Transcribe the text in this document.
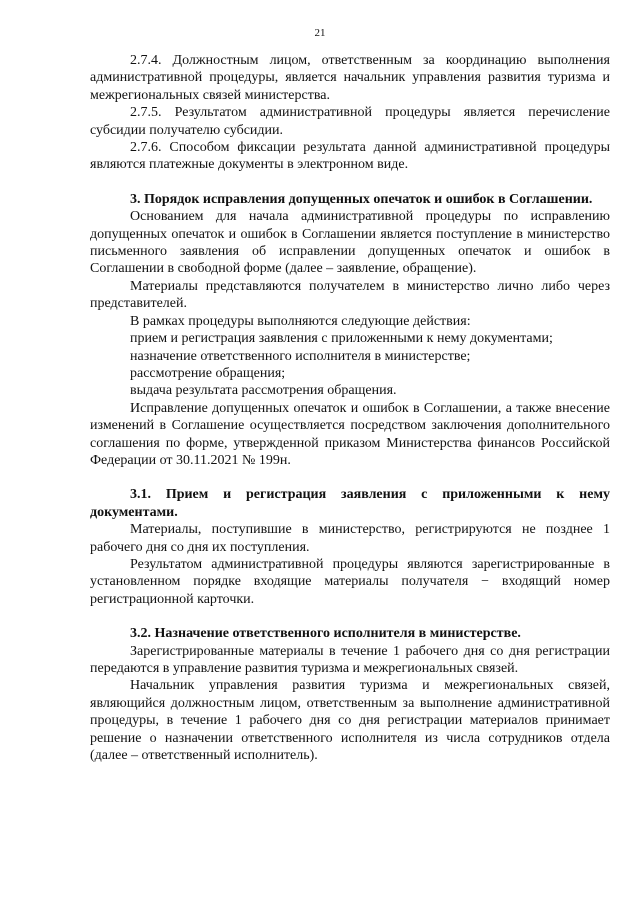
21

2.7.4. Должностным лицом, ответственным за координацию выполнения административной процедуры, является начальник управления развития туризма и межрегиональных связей министерства.

2.7.5. Результатом административной процедуры является перечисление субсидии получателю субсидии.

2.7.6. Способом фиксации результата данной административной процедуры являются платежные документы в электронном виде.

3. Порядок исправления допущенных опечаток и ошибок в Соглашении.

Основанием для начала административной процедуры по исправлению допущенных опечаток и ошибок в Соглашении является поступление в министерство письменного заявления об исправлении допущенных опечаток и ошибок в Соглашении в свободной форме (далее – заявление, обращение).

Материалы представляются получателем в министерство лично либо через представителей.

В рамках процедуры выполняются следующие действия:

прием и регистрация заявления с приложенными к нему документами;

назначение ответственного исполнителя в министерстве;

рассмотрение обращения;

выдача результата рассмотрения обращения.

Исправление допущенных опечаток и ошибок в Соглашении, а также внесение изменений в Соглашение осуществляется посредством заключения дополнительного соглашения по форме, утвержденной приказом Министерства финансов Российской Федерации от 30.11.2021 № 199н.

3.1. Прием и регистрация заявления с приложенными к нему документами.

Материалы, поступившие в министерство, регистрируются не позднее 1 рабочего дня со дня их поступления.

Результатом административной процедуры являются зарегистрированные в установленном порядке входящие материалы получателя − входящий номер регистрационной карточки.

3.2. Назначение ответственного исполнителя в министерстве.

Зарегистрированные материалы в течение 1 рабочего дня со дня регистрации передаются в управление развития туризма и межрегиональных связей.

Начальник управления развития туризма и межрегиональных связей, являющийся должностным лицом, ответственным за выполнение административной процедуры, в течение 1 рабочего дня со дня регистрации материалов принимает решение о назначении ответственного исполнителя из числа сотрудников отдела (далее – ответственный исполнитель).
